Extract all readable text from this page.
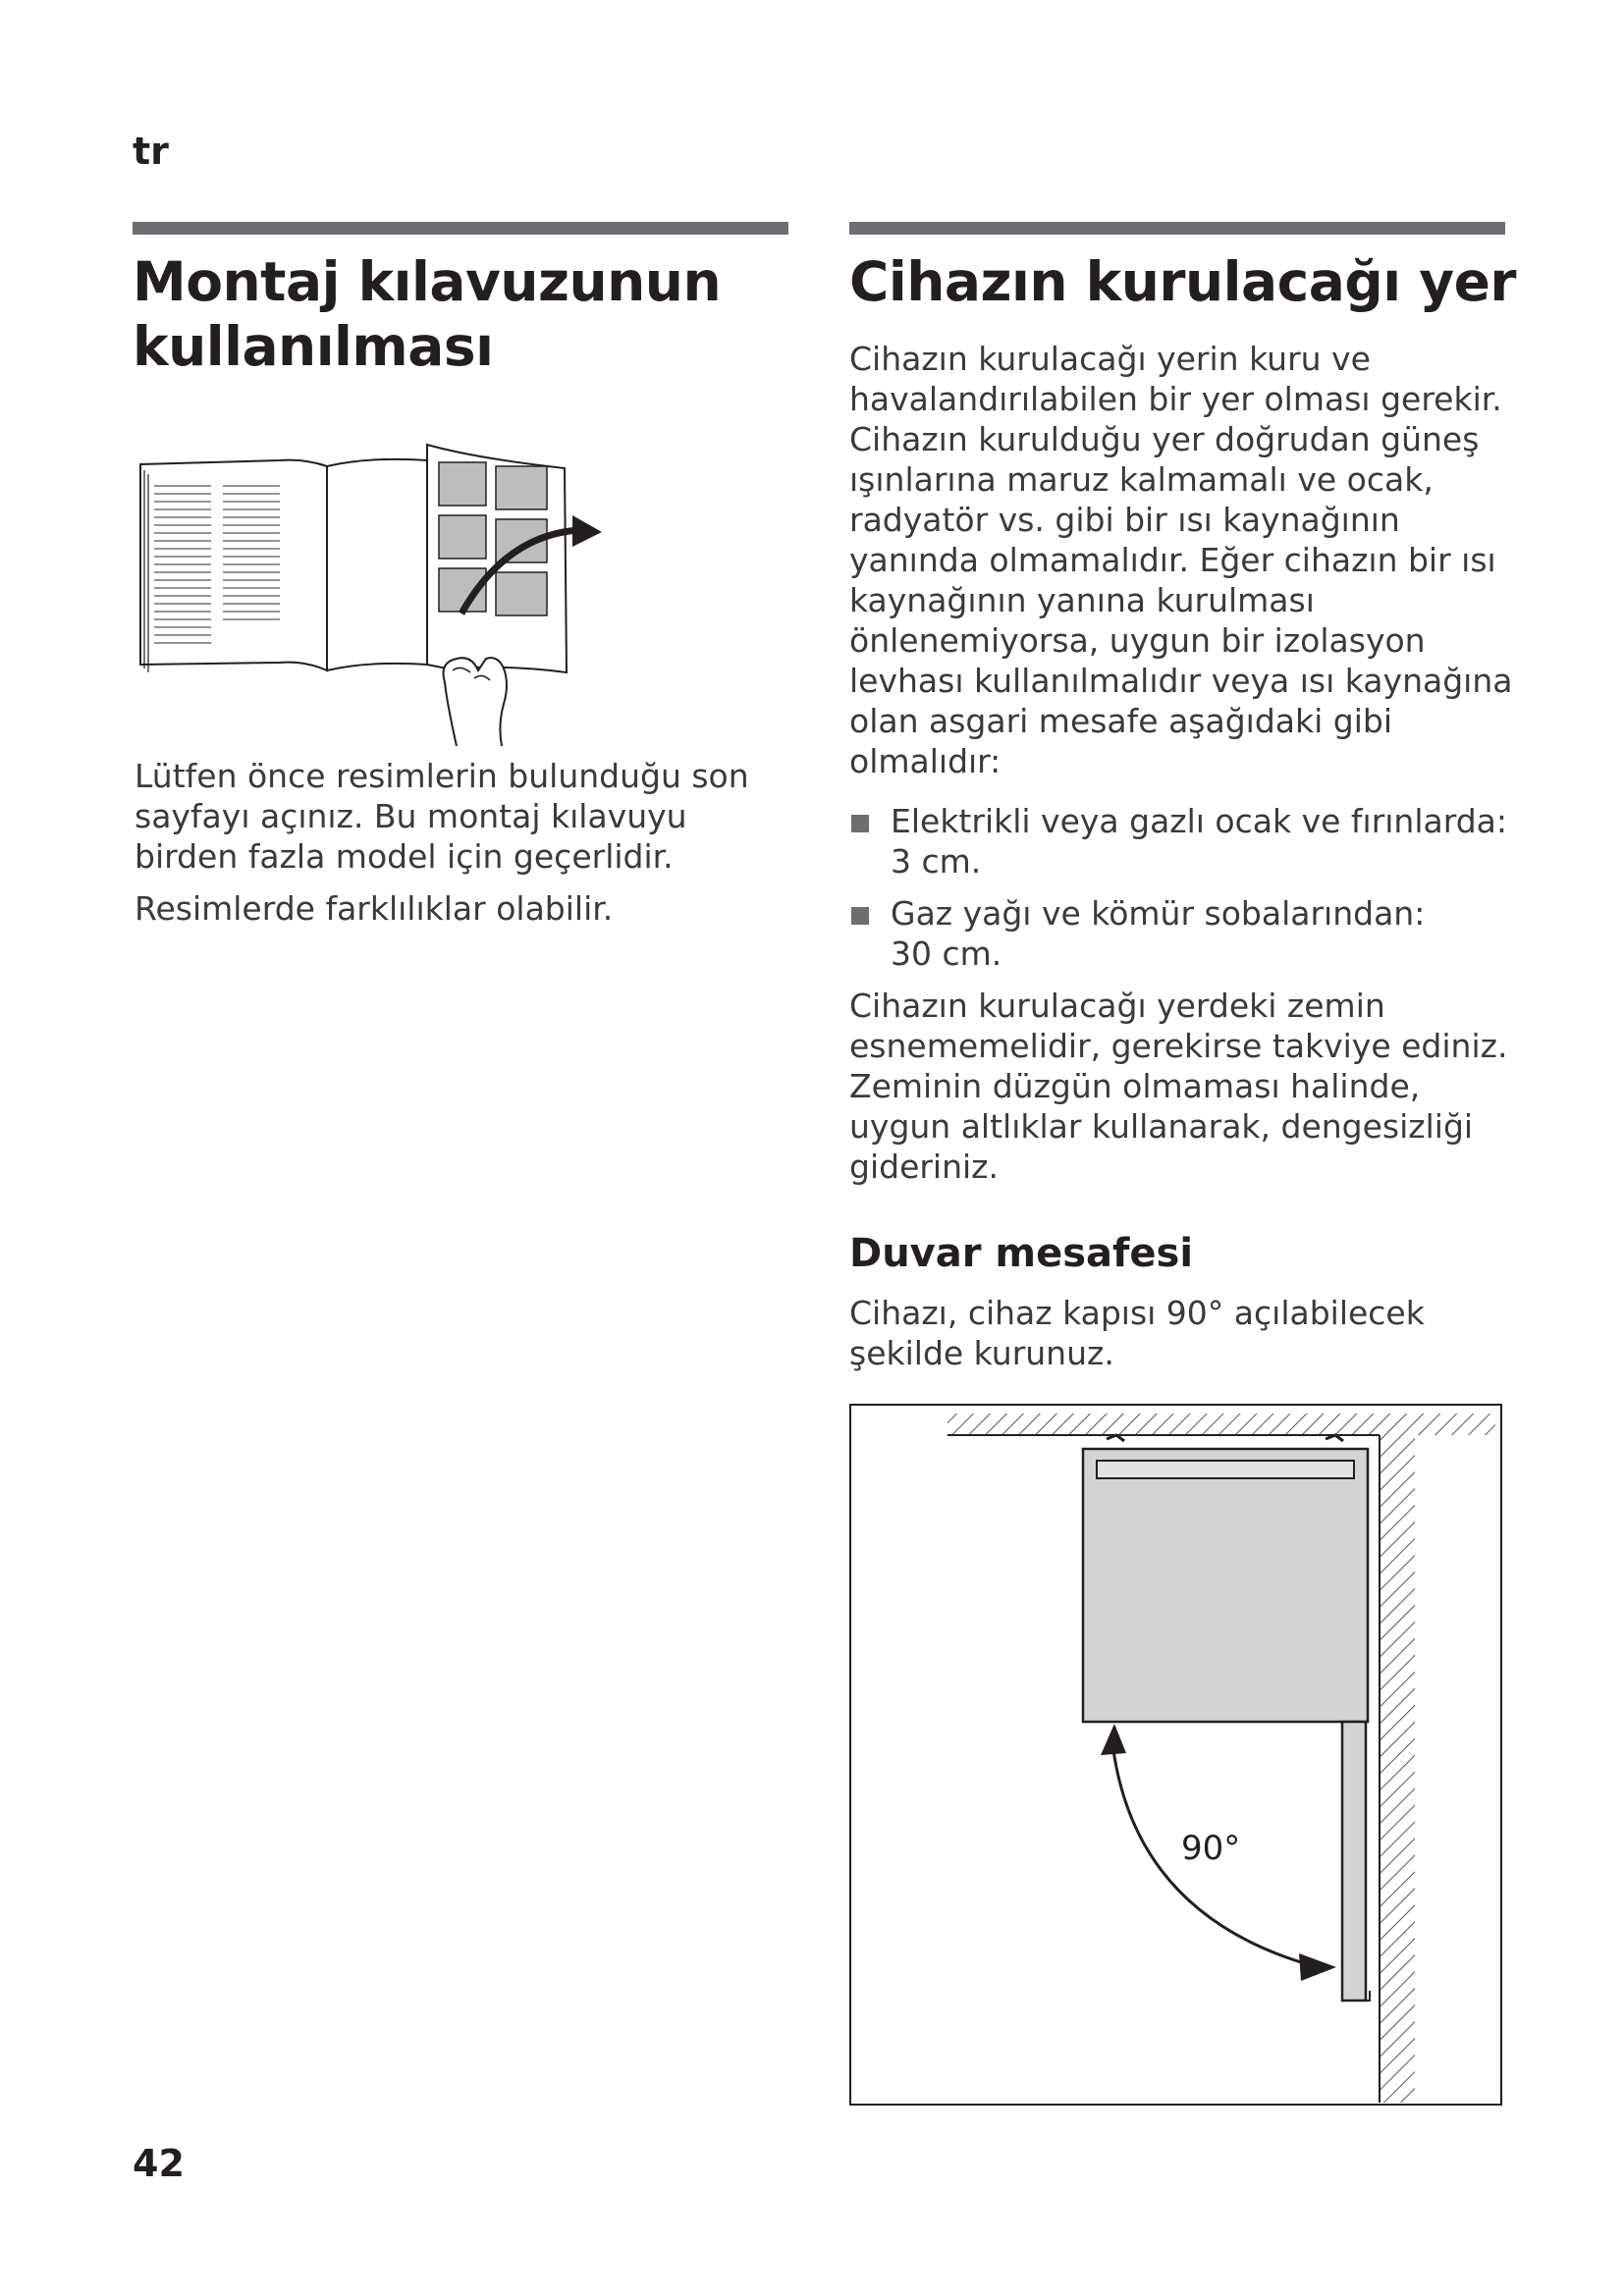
tr
Montaj kılavuzunun kullanılması
Cihazın kurulacağı yer

Lütfen önce resimlerin bulunduğu son sayfayı açınız. Bu montaj kılavuyu birden fazla model için geçerlidir.

Resimlerde farklılıklar olabilir.

Cihazın kurulacağı yerin kuru ve havalandırılabilen bir yer olması gerekir. Cihazın kurulduğu yer doğrudan güneş ışınlarına maruz kalmamalı ve ocak, radyatör vs. gibi bir ısı kaynağının yanında olmamalıdır. Eğer cihazın bir ısı kaynağının yanına kurulması önlenemiyorsa, uygun bir izolasyon levhası kullanılmalıdır veya ısı kaynağına olan asgari mesafe aşağıdaki gibi olmalıdır:

Elektrikli veya gazlı ocak ve fırınlarda:
3 cm.
Gaz yağı ve kömür sobalarından:
30 cm.

Cihazın kurulacağı yerdeki zemin esnememelidir, gerekirse takviye ediniz. Zeminin düzgün olmaması halinde, uygun altlıklar kullanarak, dengesizliği gideriniz.

Duvar mesafesi
Cihazı, cihaz kapısı 90° açılabilecek şekilde kurunuz.
90°
42
